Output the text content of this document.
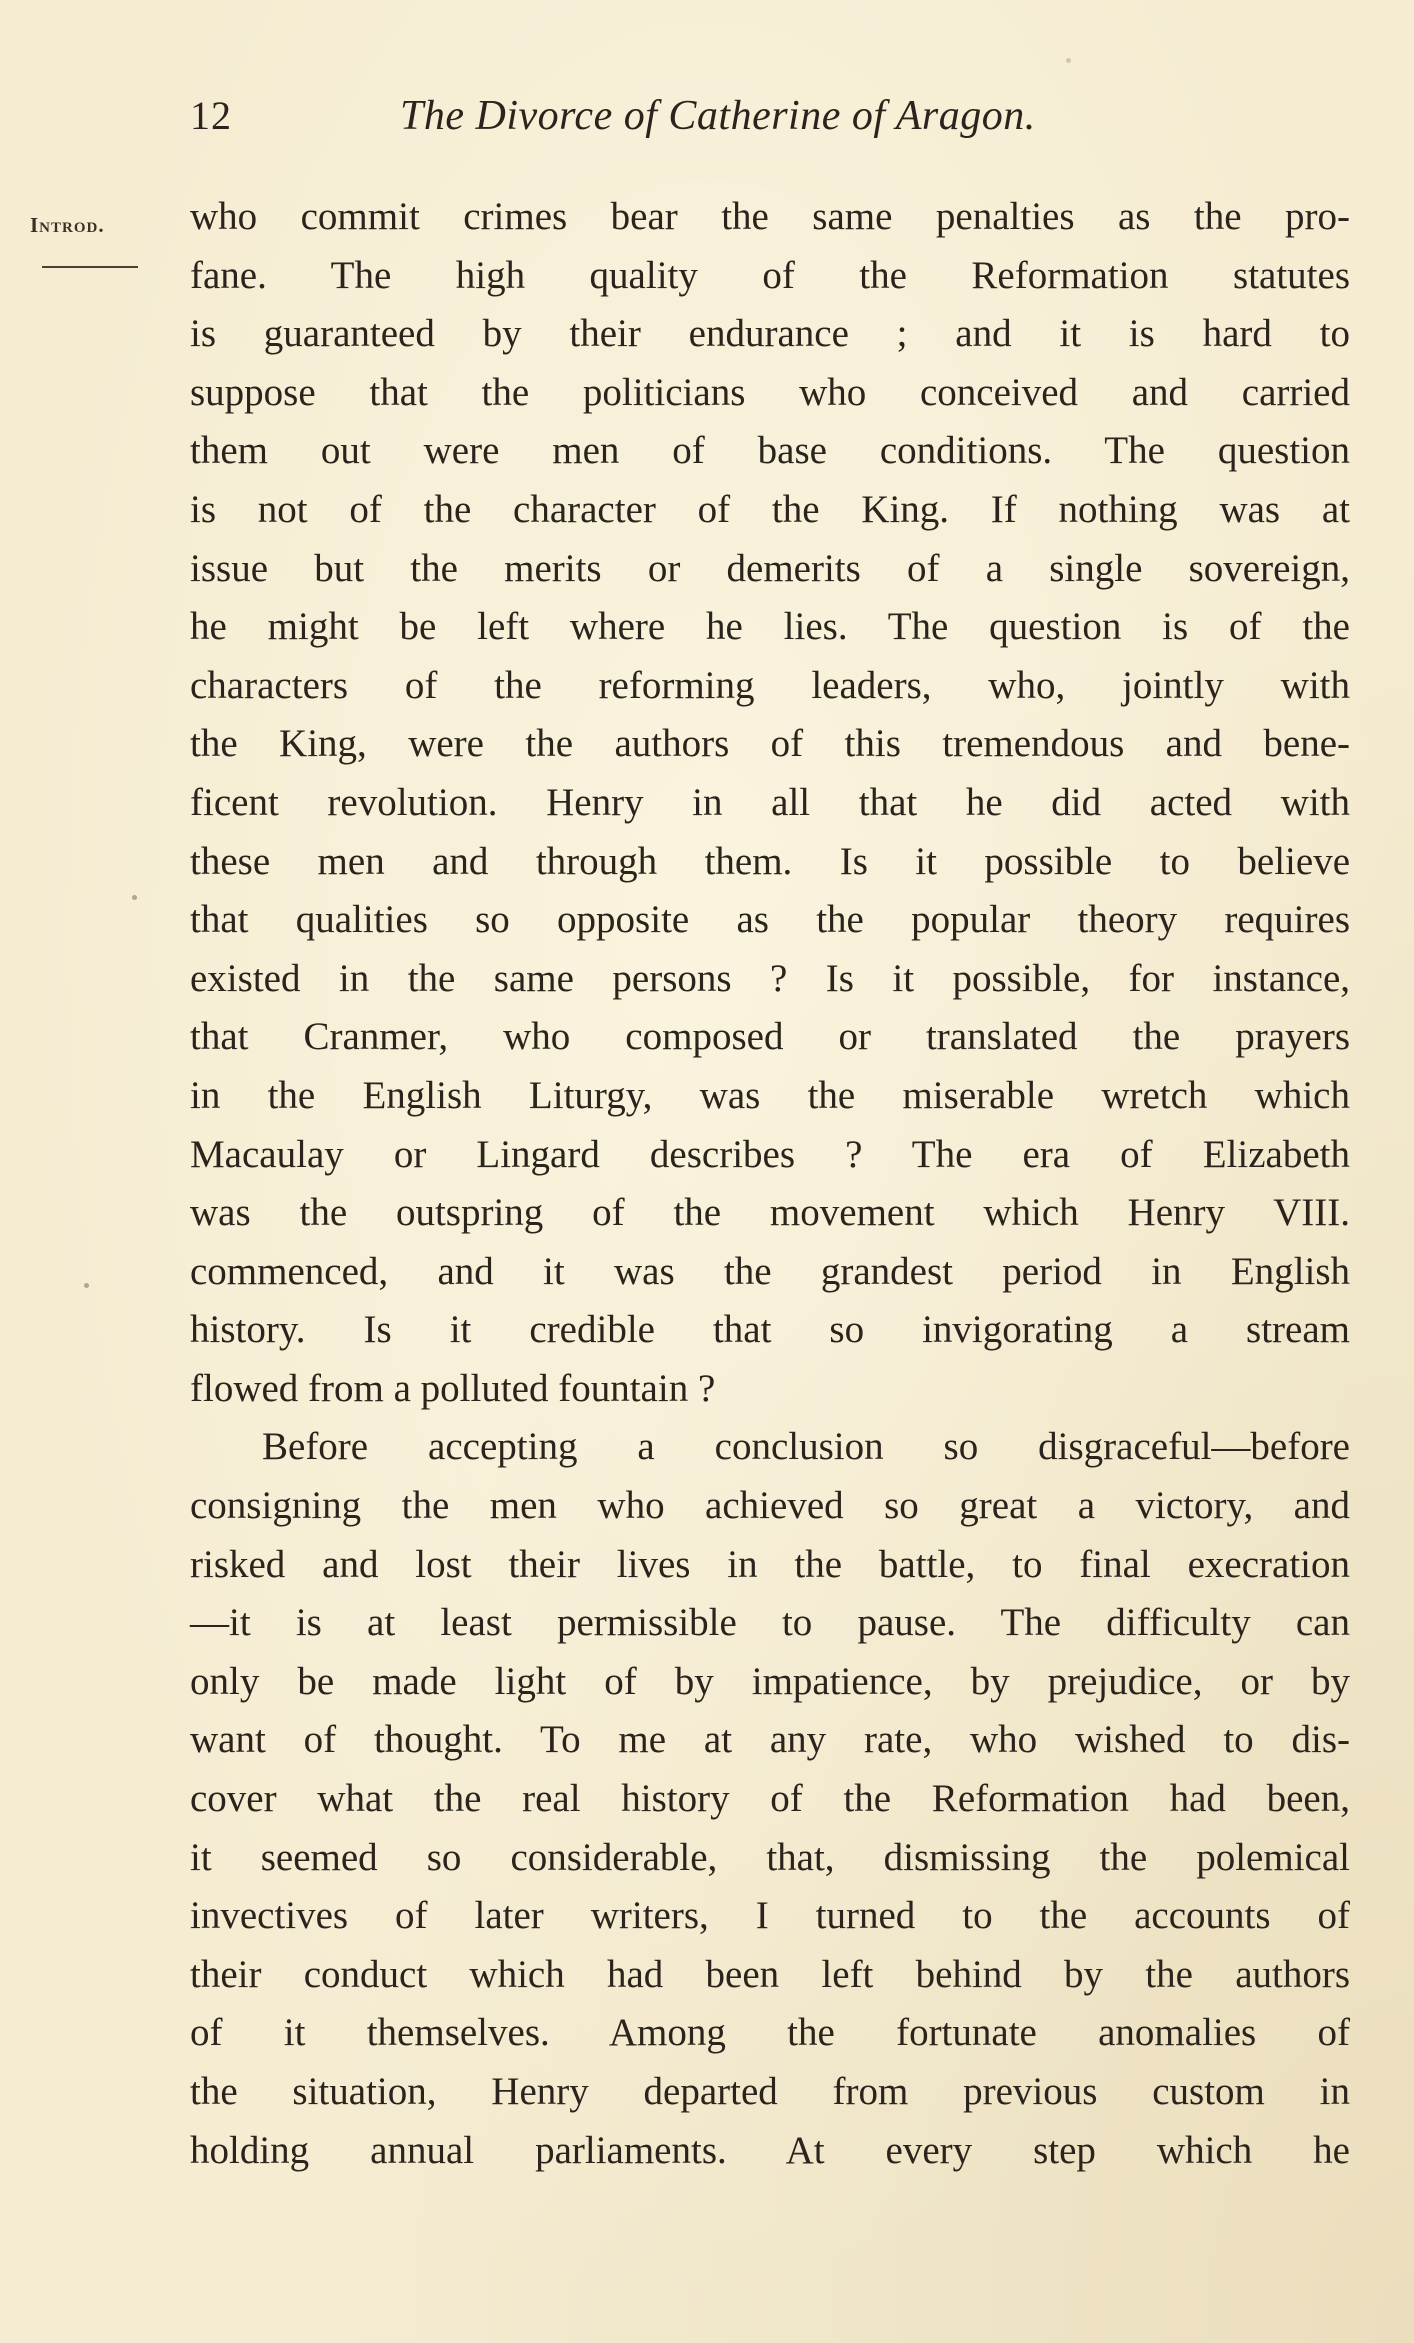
12	The Divorce of Catherine of Aragon.
Introd. who commit crimes bear the same penalties as the pro-
fane. The high quality of the Reformation statutes
is guaranteed by their endurance ; and it is hard to
suppose that the politicians who conceived and carried
them out were men of base conditions. The question
is not of the character of the King. If nothing was at
issue but the merits or demerits of a single sovereign,
he might be left where he lies. The question is of the
characters of the reforming leaders, who, jointly with
the King, were the authors of this tremendous and bene-
ficent revolution. Henry in all that he did acted with
these men and through them. Is it possible to believe
that qualities so opposite as the popular theory requires
existed in the same persons ? Is it possible, for instance,
that Cranmer, who composed or translated the prayers
in the English Liturgy, was the miserable wretch which
Macaulay or Lingard describes ? The era of Elizabeth
was the outspring of the movement which Henry VIII.
commenced, and it was the grandest period in English
history. Is it credible that so invigorating a stream
flowed from a polluted fountain ?
Before accepting a conclusion so disgraceful—before
consigning the men who achieved so great a victory, and
risked and lost their lives in the battle, to final execration
—it is at least permissible to pause. The difficulty can
only be made light of by impatience, by prejudice, or by
want of thought. To me at any rate, who wished to dis-
cover what the real history of the Reformation had been,
it seemed so considerable, that, dismissing the polemical
invectives of later writers, I turned to the accounts of
their conduct which had been left behind by the authors
of it themselves. Among the fortunate anomalies of
the situation, Henry departed from previous custom in
holding annual parliaments. At every step which he
